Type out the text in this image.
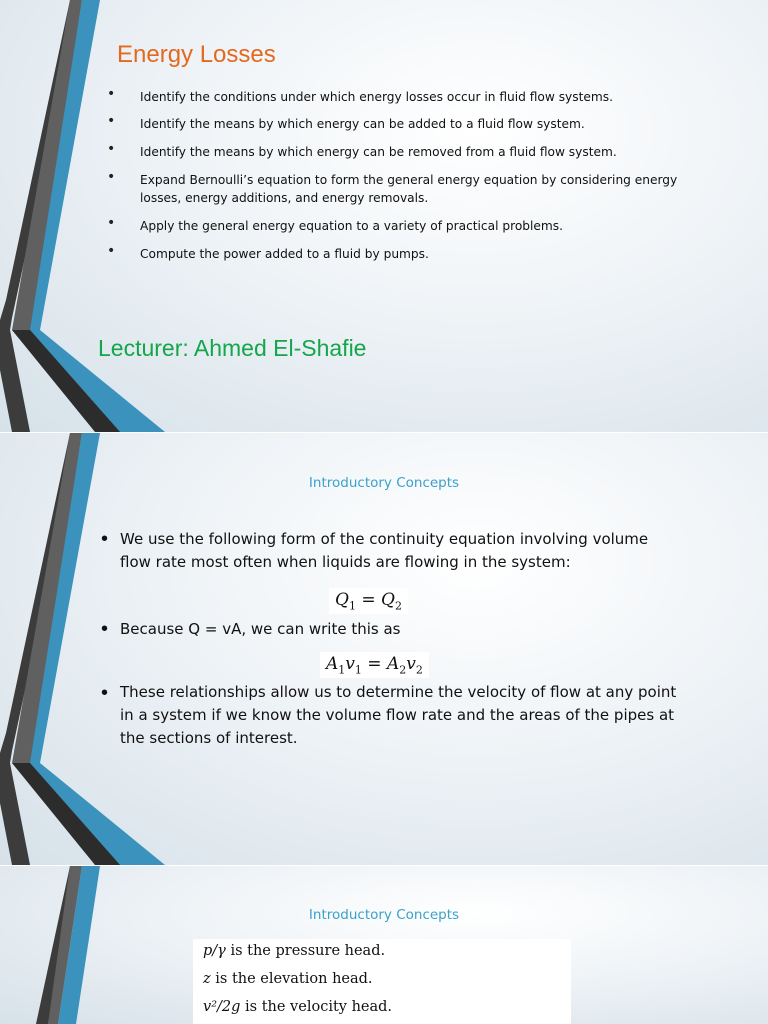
Energy Losses
• Identify the conditions under which energy losses occur in fluid flow systems.
• Identify the means by which energy can be added to a fluid flow system.
• Identify the means by which energy can be removed from a fluid flow system.
• Expand Bernoulli’s equation to form the general energy equation by considering energy losses, energy additions, and energy removals.
• Apply the general energy equation to a variety of practical problems.
• Compute the power added to a fluid by pumps.
Lecturer: Ahmed El-Shafie
Introductory Concepts
• We use the following form of the continuity equation involving volume flow rate most often when liquids are flowing in the system:

$Q_1 = Q_2$
• Because Q = vA, we can write this as

$A_1v_1 = A_2v_2$
• These relationships allow us to determine the velocity of flow at any point in a system if we know the volume flow rate and the areas of the pipes at the sections of interest.

Introductory Concepts
p/γ is the pressure head.
z is the elevation head.
v²/2g is the velocity head.
